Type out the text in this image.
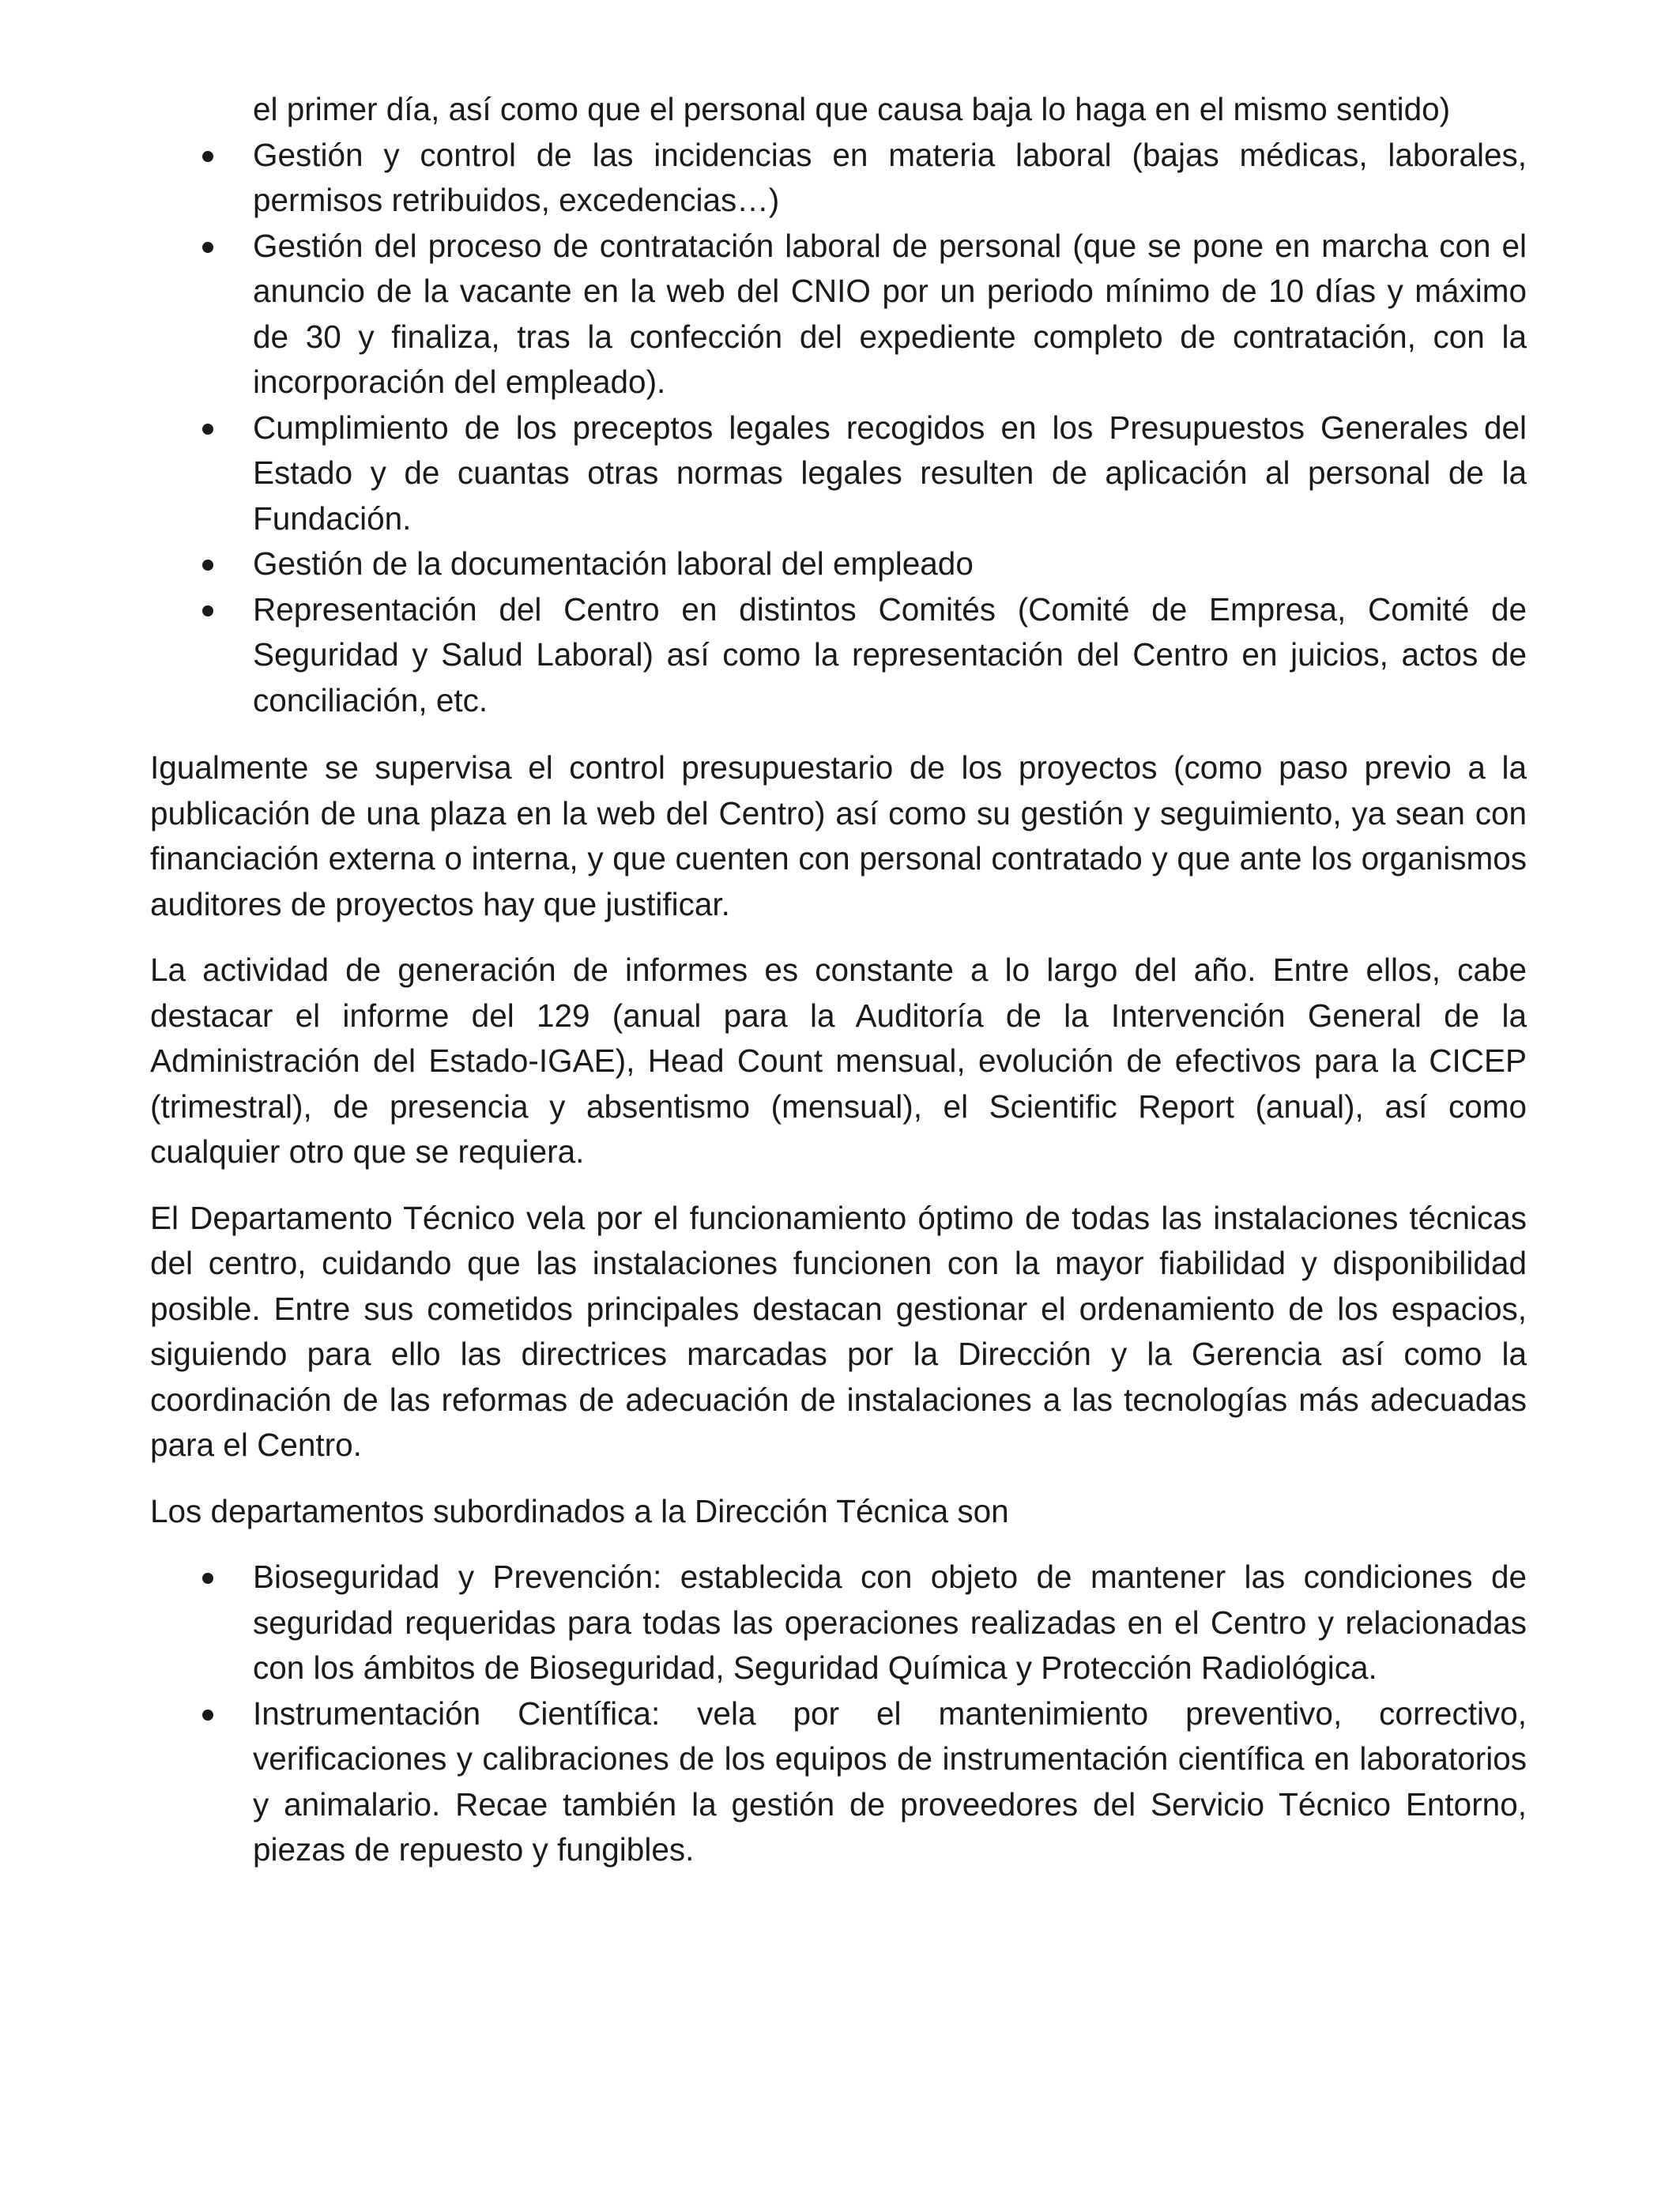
el primer día, así como que el personal que causa baja lo haga en el mismo sentido)
Gestión y control de las incidencias en materia laboral (bajas médicas, laborales, permisos retribuidos, excedencias…)
Gestión del proceso de contratación laboral de personal (que se pone en marcha con el anuncio de la vacante en la web del CNIO por un periodo mínimo de 10 días y máximo de 30 y finaliza, tras la confección del expediente completo de contratación, con la incorporación del empleado).
Cumplimiento de los preceptos legales recogidos en los Presupuestos Generales del Estado y de cuantas otras normas legales resulten de aplicación al personal de la Fundación.
Gestión de la documentación laboral del empleado
Representación del Centro en distintos Comités (Comité de Empresa, Comité de Seguridad y Salud Laboral) así como la representación del Centro en juicios, actos de conciliación, etc.

Igualmente se supervisa el control presupuestario de los proyectos (como paso previo a la publicación de una plaza en la web del Centro) así como su gestión y seguimiento, ya sean con financiación externa o interna, y que cuenten con personal contratado y que ante los organismos auditores de proyectos hay que justificar.

La actividad de generación de informes es constante a lo largo del año. Entre ellos, cabe destacar el informe del 129 (anual para la Auditoría de la Intervención General de la Administración del Estado-IGAE), Head Count mensual, evolución de efectivos para la CICEP (trimestral), de presencia y absentismo (mensual), el Scientific Report (anual), así como cualquier otro que se requiera.

El Departamento Técnico vela por el funcionamiento óptimo de todas las instalaciones técnicas del centro, cuidando que las instalaciones funcionen con la mayor fiabilidad y disponibilidad posible. Entre sus cometidos principales destacan gestionar el ordenamiento de los espacios, siguiendo para ello las directrices marcadas por la Dirección y la Gerencia así como la coordinación de las reformas de adecuación de instalaciones a las tecnologías más adecuadas para el Centro.

Los departamentos subordinados a la Dirección Técnica son

Bioseguridad y Prevención: establecida con objeto de mantener las condiciones de seguridad requeridas para todas las operaciones realizadas en el Centro y relacionadas con los ámbitos de Bioseguridad, Seguridad Química y Protección Radiológica.
Instrumentación Científica: vela por el mantenimiento preventivo, correctivo, verificaciones y calibraciones de los equipos de instrumentación científica en laboratorios y animalario. Recae también la gestión de proveedores del Servicio Técnico Entorno, piezas de repuesto y fungibles.
